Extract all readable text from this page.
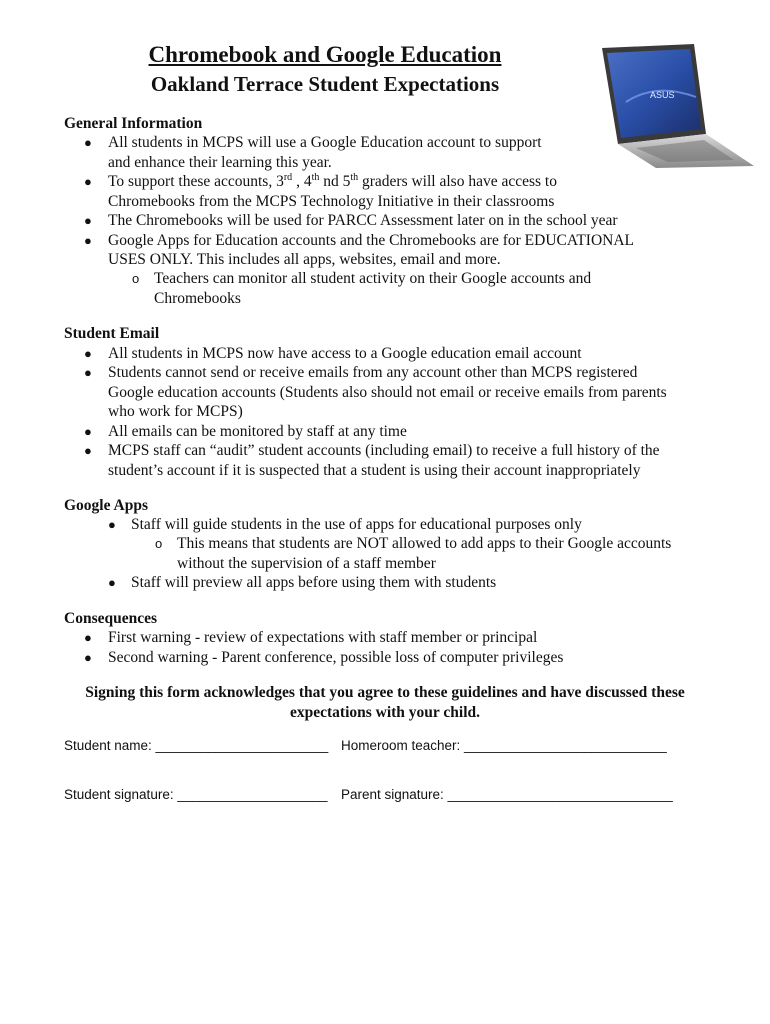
Chromebook and Google Education
Oakland Terrace Student Expectations	ASUS
General Information
● All students in MCPS will use a Google Education account to support
and enhance their learning this year.
● To support these accounts, 3rd , 4th nd 5th graders will also have access to
Chromebooks from the MCPS Technology Initiative in their classrooms
● The Chromebooks will be used for PARCC Assessment later on in the school year
● Google Apps for Education accounts and the Chromebooks are for EDUCATIONAL
USES ONLY. This includes all apps, websites, email and more.
o Teachers can monitor all student activity on their Google accounts and
Chromebooks
Student Email
● All students in MCPS now have access to a Google education email account
● Students cannot send or receive emails from any account other than MCPS registered
Google education accounts (Students also should not email or receive emails from parents
who work for MCPS)
● All emails can be monitored by staff at any time
● MCPS staff can “audit” student accounts (including email) to receive a full history of the
student’s account if it is suspected that a student is using their account inappropriately
Google Apps
● Staff will guide students in the use of apps for educational purposes only
o This means that students are NOT allowed to add apps to their Google accounts
without the supervision of a staff member
● Staff will preview all apps before using them with students
Consequences
● First warning - review of expectations with staff member or principal
● Second warning - Parent conference, possible loss of computer privileges
Signing this form acknowledges that you agree to these guidelines and have discussed these
expectations with your child.
Student name: _______________________ Homeroom teacher: ___________________________
Student signature: ____________________ Parent signature: ______________________________
